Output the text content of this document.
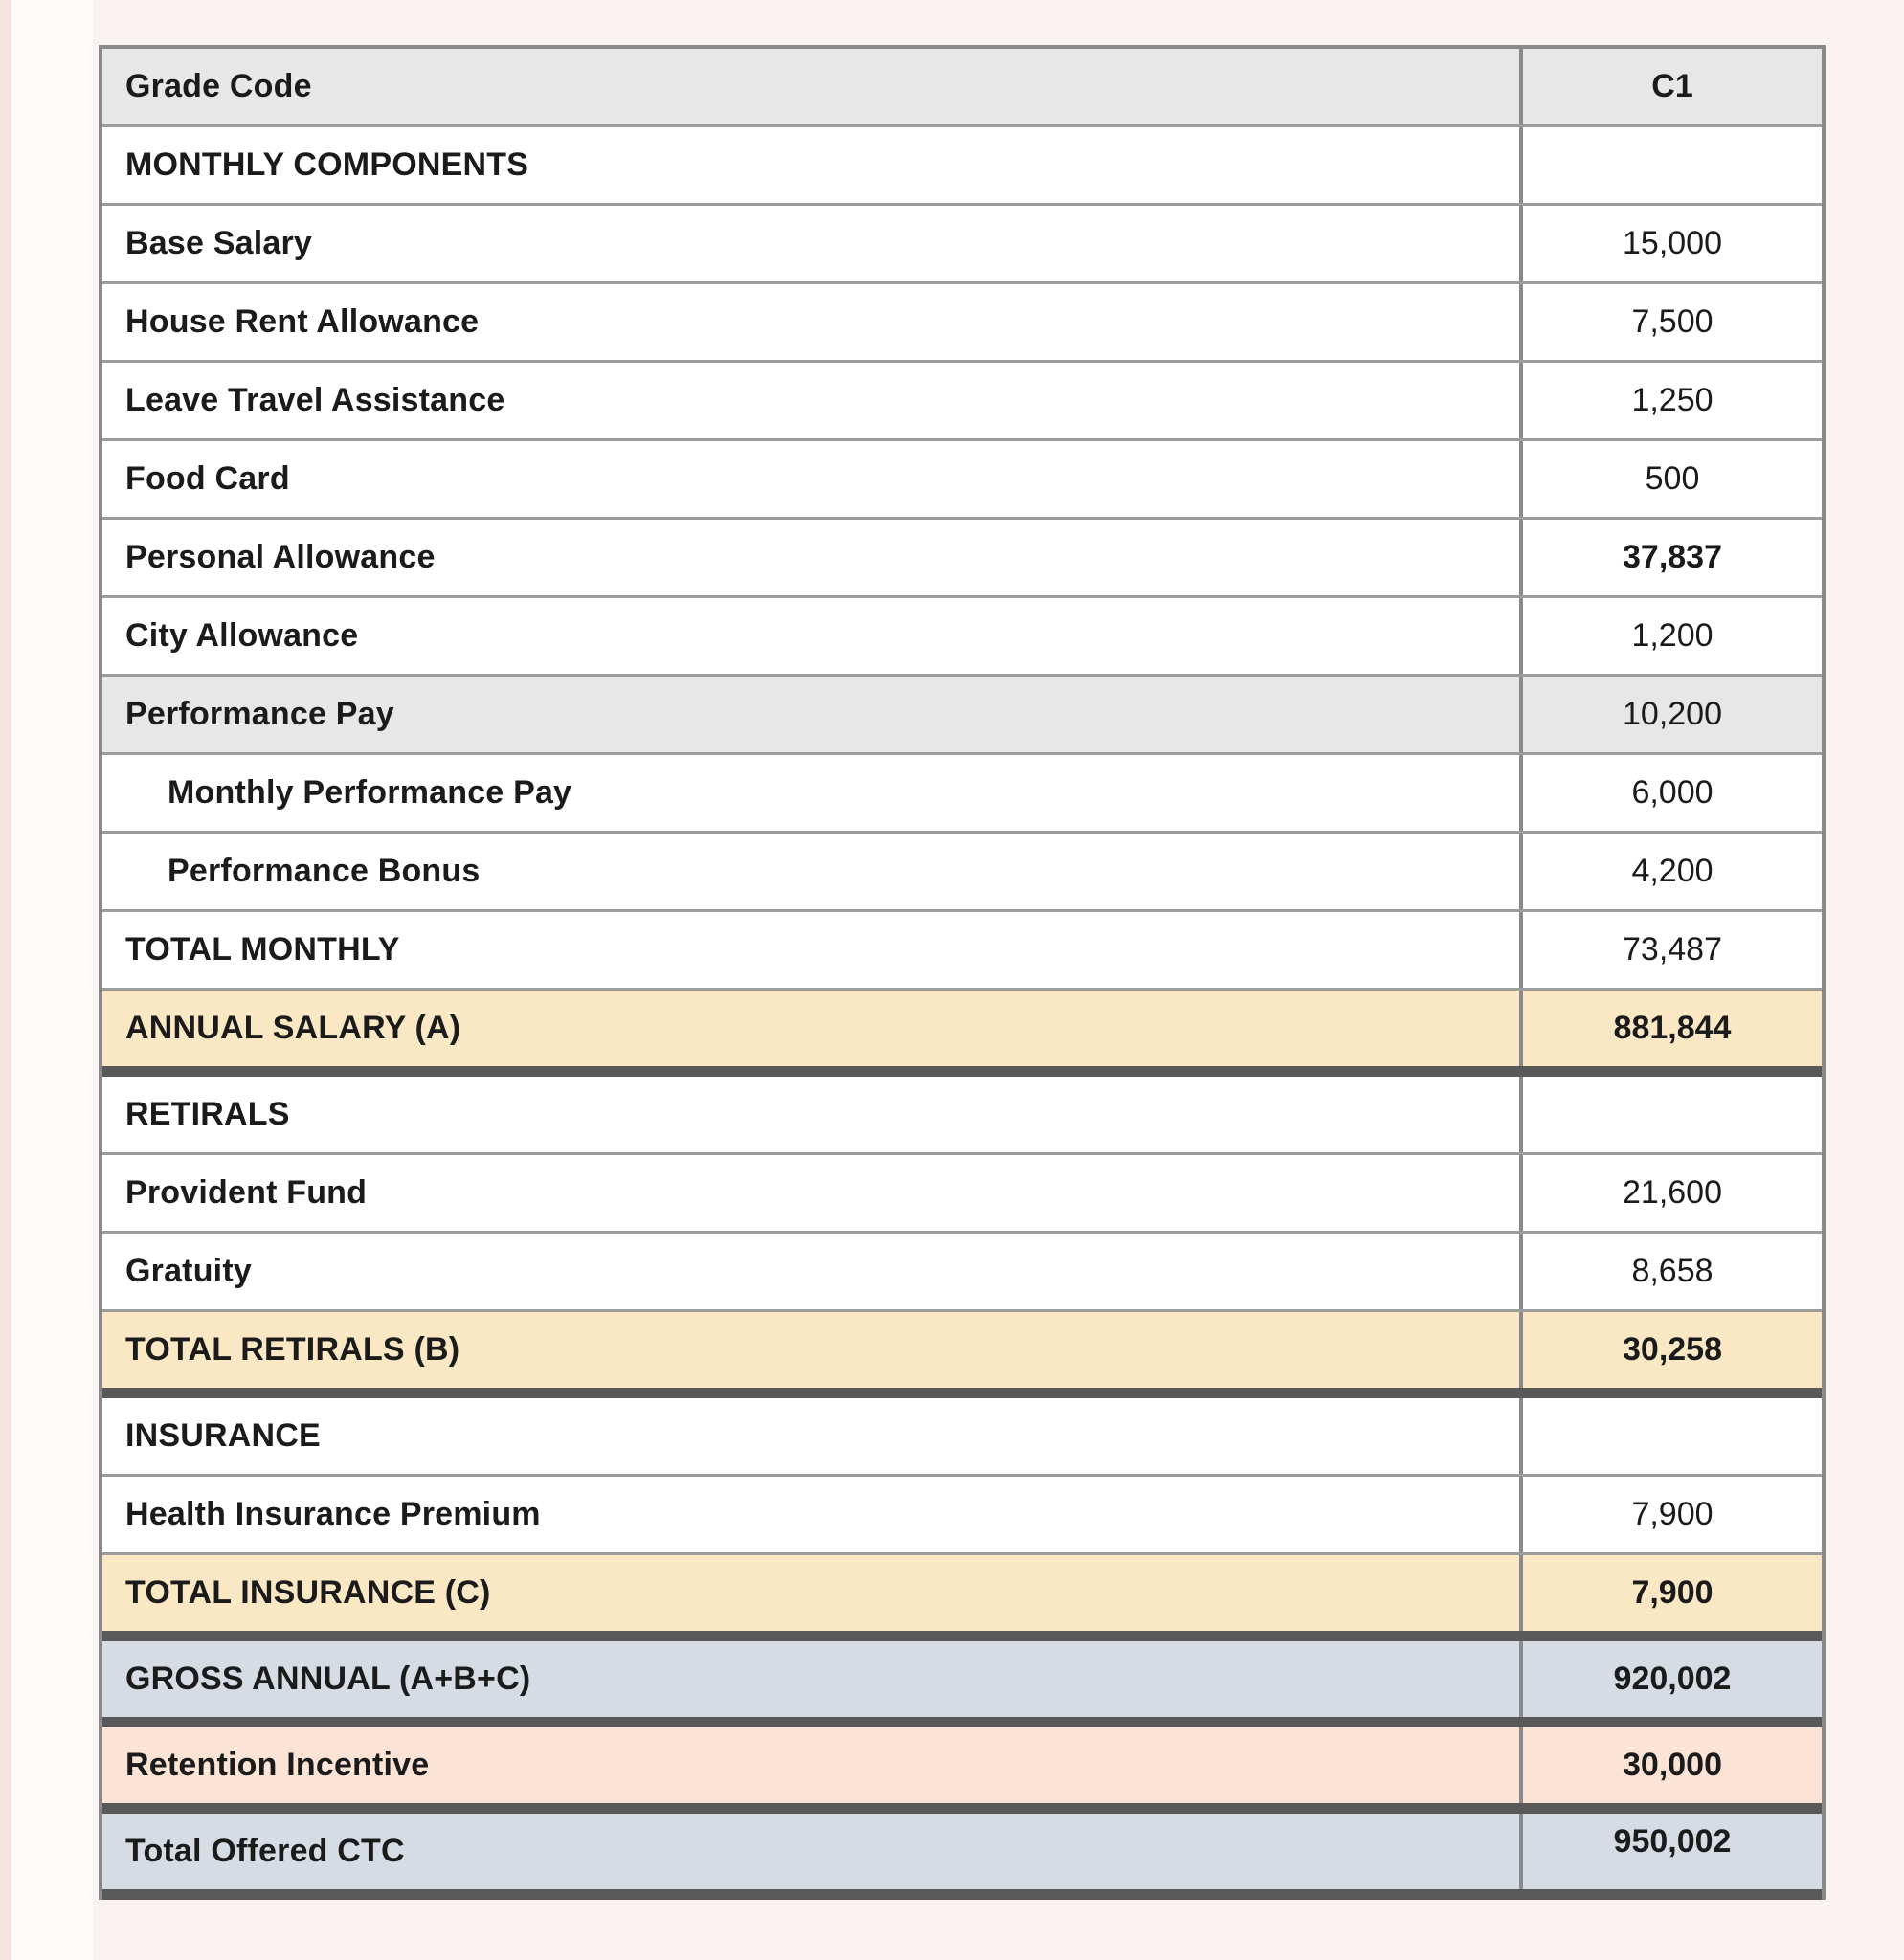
Grade Code	C1
MONTHLY COMPONENTS
Base Salary	15,000
House Rent Allowance	7,500
Leave Travel Assistance	1,250
Food Card	500
Personal Allowance	37,837
City Allowance	1,200
Performance Pay	10,200
Monthly Performance Pay	6,000
Performance Bonus	4,200
TOTAL MONTHLY	73,487
ANNUAL SALARY (A)	881,844
RETIRALS
Provident Fund	21,600
Gratuity	8,658
TOTAL RETIRALS (B)	30,258
INSURANCE
Health Insurance Premium	7,900
TOTAL INSURANCE (C)	7,900
GROSS ANNUAL (A+B+C)	920,002
Retention Incentive	30,000
Total Offered CTC	950,002
